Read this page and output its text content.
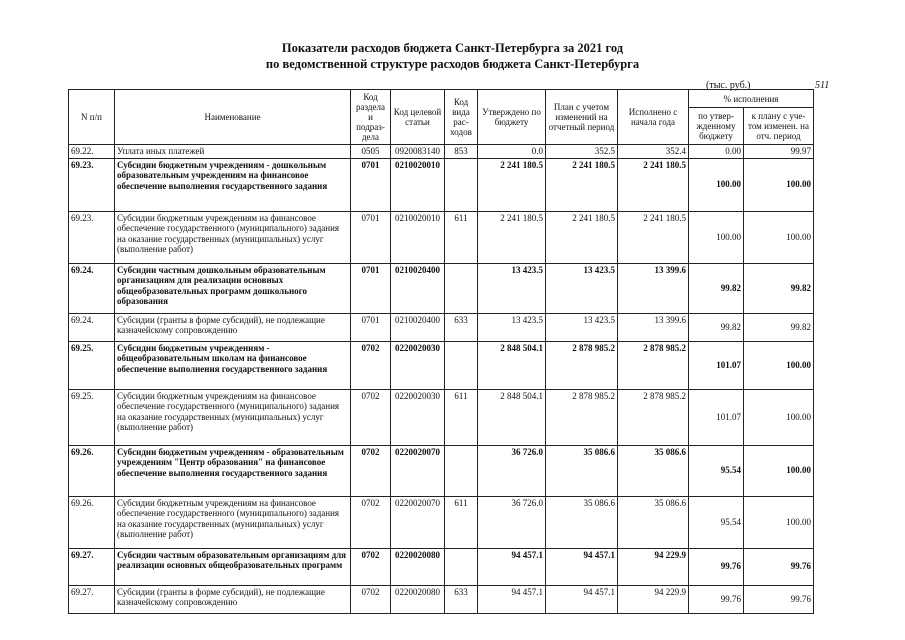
Показатели расходов бюджета Санкт-Петербурга за 2021 год
по ведомственной структуре расходов бюджета Санкт-Петербурга
(тыс. руб.)	511
N п/п	Наименование	Код раздела и подраз-дела	Код целевой статьи	Код вида рас-ходов	Утверждено по бюджету	План с учетом изменений на отчетный период	Исполнено с начала года	% исполнения	
								по утвер-жденному бюджету	к плану с уче-том изменен. на отч. период
69.22.	Уплата иных платежей	0505	0920083140	853	0.0	352.5	352.4	0.00	99.97
69.23.	Субсидии бюджетным учреждениям - дошкольным образовательным учреждениям на финансовое обеспечение выполнения государственного задания	0701	0210020010		2 241 180.5	2 241 180.5	2 241 180.5	100.00	100.00
69.23.	Субсидии бюджетным учреждениям на финансовое обеспечение государственного (муниципального) задания на оказание государственных (муниципальных) услуг (выполнение работ)	0701	0210020010	611	2 241 180.5	2 241 180.5	2 241 180.5	100.00	100.00
69.24.	Субсидии частным дошкольным образовательным организациям для реализации основных общеобразовательных программ дошкольного образования	0701	0210020400		13 423.5	13 423.5	13 399.6	99.82	99.82
69.24.	Субсидии (гранты в форме субсидий), не подлежащие казначейскому сопровождению	0701	0210020400	633	13 423.5	13 423.5	13 399.6	99.82	99.82
69.25.	Субсидии бюджетным учреждениям - общеобразовательным школам на финансовое обеспечение выполнения государственного задания	0702	0220020030		2 848 504.1	2 878 985.2	2 878 985.2	101.07	100.00
69.25.	Субсидии бюджетным учреждениям на финансовое обеспечение государственного (муниципального) задания на оказание государственных (муниципальных) услуг (выполнение работ)	0702	0220020030	611	2 848 504.1	2 878 985.2	2 878 985.2	101.07	100.00
69.26.	Субсидии бюджетным учреждениям - образовательным учреждениям "Центр образования" на финансовое обеспечение выполнения государственного задания	0702	0220020070		36 726.0	35 086.6	35 086.6	95.54	100.00
69.26.	Субсидии бюджетным учреждениям на финансовое обеспечение государственного (муниципального) задания на оказание государственных (муниципальных) услуг (выполнение работ)	0702	0220020070	611	36 726.0	35 086.6	35 086.6	95.54	100.00
69.27.	Субсидии частным образовательным организациям для реализации основных общеобразовательных программ	0702	0220020080		94 457.1	94 457.1	94 229.9	99.76	99.76
69.27.	Субсидии (гранты в форме субсидий), не подлежащие казначейскому сопровождению	0702	0220020080	633	94 457.1	94 457.1	94 229.9	99.76	99.76
